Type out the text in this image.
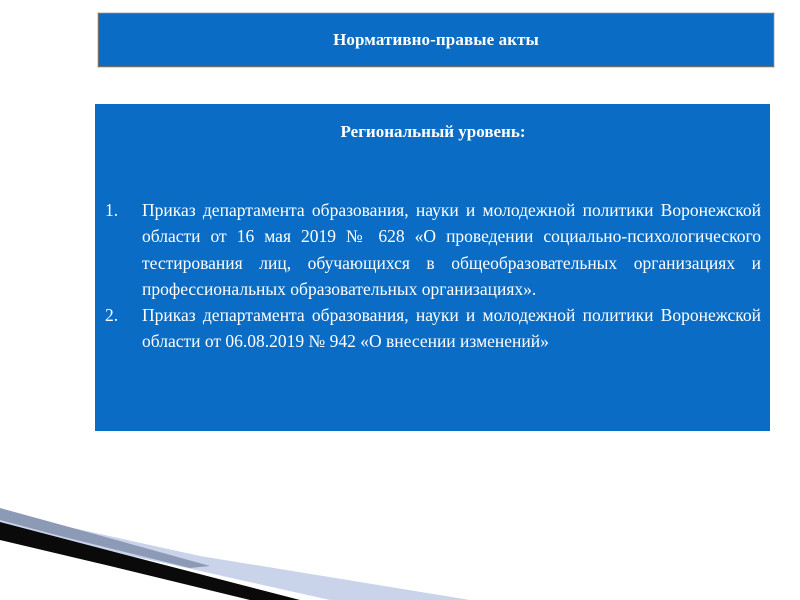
Нормативно-правые акты

Региональный уровень:

1.	Приказ департамента образования, науки и молодежной политики Воронежской области от 16 мая 2019 № 628 «О проведении социально-психологического тестирования лиц, обучающихся в общеобразовательных организациях и профессиональных образовательных организациях».
2.	Приказ департамента образования, науки и молодежной политики Воронежской области от 06.08.2019 № 942 «О внесении изменений»
